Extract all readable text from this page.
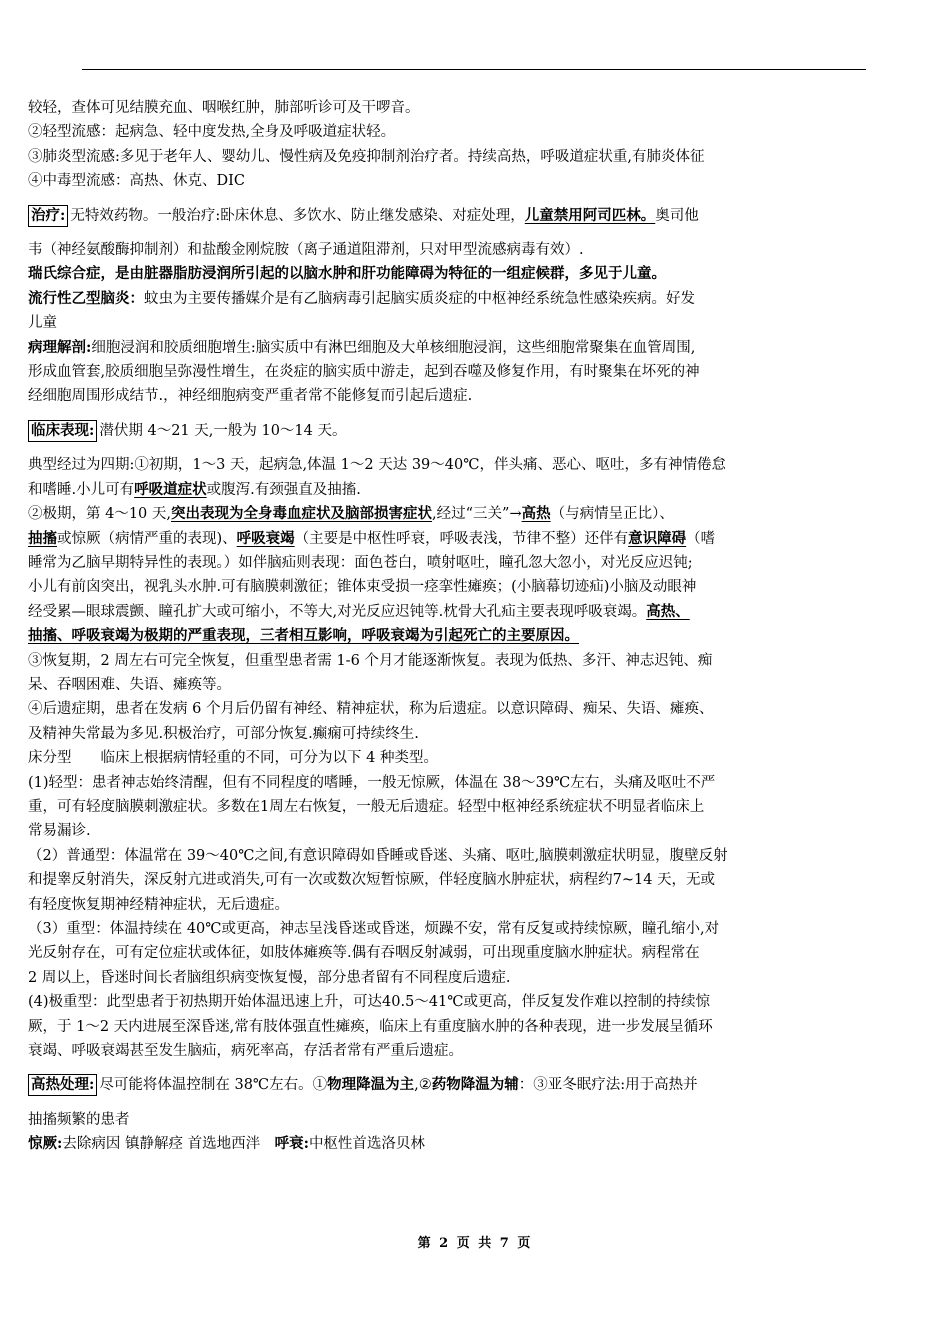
较轻，查体可见结膜充血、咽喉红肿，肺部听诊可及干啰音。

②轻型流感：起病急、轻中度发热,全身及呼吸道症状轻。

③肺炎型流感:多见于老年人、婴幼儿、慢性病及免疫抑制剂治疗者。持续高热，呼吸道症状重,有肺炎体征

④中毒型流感：高热、休克、DIC

治疗: 无特效药物。一般治疗:卧床休息、多饮水、防止继发感染、对症处理，儿童禁用阿司匹林。奥司他

韦（神经氨酸酶抑制剂）和盐酸金刚烷胺（离子通道阻滞剂，只对甲型流感病毒有效）.

瑞氏综合症，是由脏器脂肪浸润所引起的以脑水肿和肝功能障碍为特征的一组症候群，多见于儿童。

流行性乙型脑炎：蚊虫为主要传播媒介是有乙脑病毒引起脑实质炎症的中枢神经系统急性感染疾病。好发

儿童

病理解剖:细胞浸润和胶质细胞增生:脑实质中有淋巴细胞及大单核细胞浸润，这些细胞常聚集在血管周围,

形成血管套,胶质细胞呈弥漫性增生，在炎症的脑实质中游走，起到吞噬及修复作用，有时聚集在坏死的神

经细胞周围形成结节.，神经细胞病变严重者常不能修复而引起后遗症.

临床表现: 潜伏期 4～21 天,一般为 10～14 天。

典型经过为四期:①初期，1～3 天，起病急,体温 1～2 天达 39～40℃，伴头痛、恶心、呕吐，多有神情倦怠

和嗜睡.小儿可有呼吸道症状或腹泻.有颈强直及抽搐.

②极期，第 4～10 天,突出表现为全身毒血症状及脑部损害症状,经过“三关”→高热（与病情呈正比）、

抽搐或惊厥（病情严重的表现)、呼吸衰竭（主要是中枢性呼衰，呼吸表浅，节律不整）还伴有意识障碍（嗜

睡常为乙脑早期特异性的表现。）如伴脑疝则表现：面色苍白，喷射呕吐，瞳孔忽大忽小，对光反应迟钝;

小儿有前囟突出，视乳头水肿.可有脑膜刺激征；锥体束受损一痉挛性瘫痪；(小脑幕切迹疝)小脑及动眼神

经受累—眼球震颤、瞳孔扩大或可缩小，不等大,对光反应迟钝等.枕骨大孔疝主要表现呼吸衰竭。高热、

抽搐、呼吸衰竭为极期的严重表现，三者相互影响，呼吸衰竭为引起死亡的主要原因。

③恢复期，2 周左右可完全恢复，但重型患者需 1-6 个月才能逐渐恢复。表现为低热、多汗、神志迟钝、痴

呆、吞咽困难、失语、瘫痪等。

④后遗症期，患者在发病 6 个月后仍留有神经、精神症状，称为后遗症。以意识障碍、痴呆、失语、瘫痪、

及精神失常最为多见.积极治疗，可部分恢复.癫痫可持续终生.

床分型　　临床上根据病情轻重的不同，可分为以下 4 种类型。

(1)轻型：患者神志始终清醒，但有不同程度的嗜睡，一般无惊厥，体温在 38～39℃左右，头痛及呕吐不严

重，可有轻度脑膜刺激症状。多数在1周左右恢复，一般无后遗症。轻型中枢神经系统症状不明显者临床上

常易漏诊.

（2）普通型：体温常在 39～40℃之间,有意识障碍如昏睡或昏迷、头痛、呕吐,脑膜刺激症状明显，腹壁反射

和提睾反射消失，深反射亢进或消失,可有一次或数次短暂惊厥，伴轻度脑水肿症状，病程约7~14 天，无或

有轻度恢复期神经精神症状，无后遗症。

（3）重型：体温持续在 40℃或更高，神志呈浅昏迷或昏迷，烦躁不安，常有反复或持续惊厥，瞳孔缩小,对

光反射存在，可有定位症状或体征，如肢体瘫痪等.偶有吞咽反射减弱，可出现重度脑水肿症状。病程常在

2 周以上，昏迷时间长者脑组织病变恢复慢，部分患者留有不同程度后遗症.

(4)极重型：此型患者于初热期开始体温迅速上升，可达40.5～41℃或更高，伴反复发作难以控制的持续惊

厥，于 1～2 天内进展至深昏迷,常有肢体强直性瘫痪，临床上有重度脑水肿的各种表现，进一步发展呈循环

衰竭、呼吸衰竭甚至发生脑疝，病死率高，存活者常有严重后遗症。

高热处理: 尽可能将体温控制在 38℃左右。①物理降温为主,②药物降温为辅：③亚冬眠疗法:用于高热并

抽搐频繁的患者

惊厥:去除病因 镇静解痉 首选地西泮　呼衰:中枢性首选洛贝林

第 2 页 共 7 页
